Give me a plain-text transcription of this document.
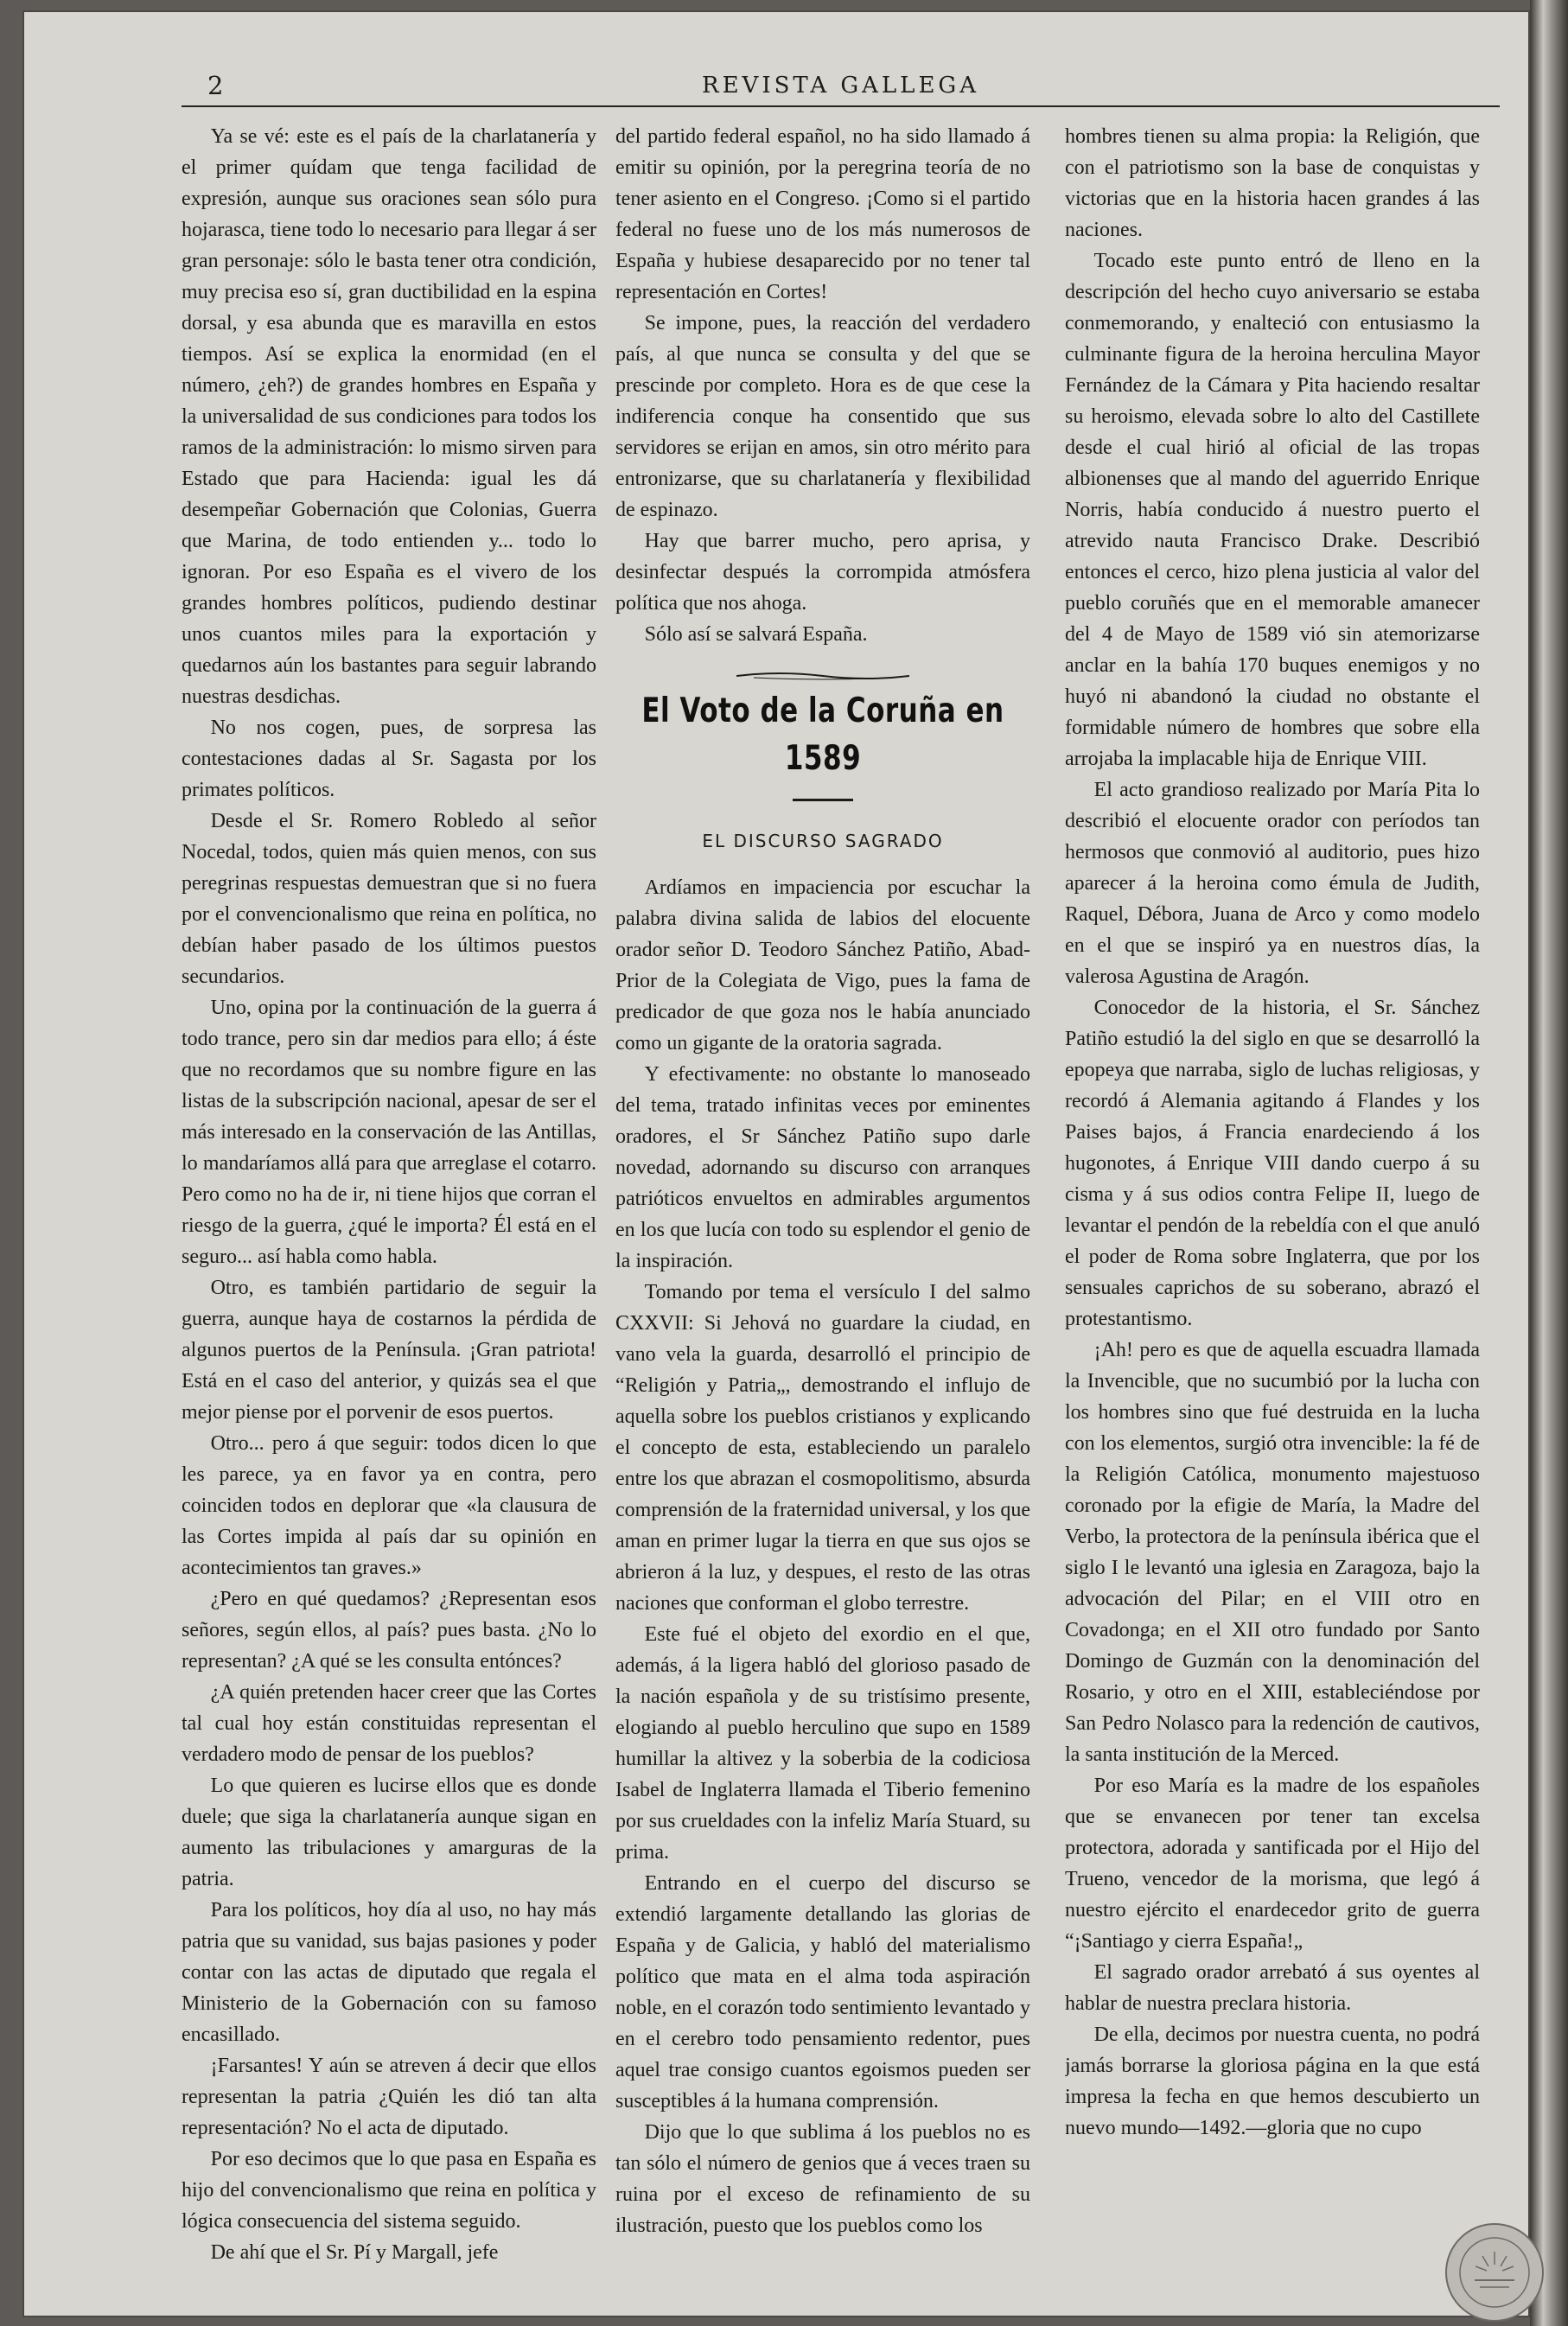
2	REVISTA GALLEGA

Ya se vé: este es el país de la charlatanería y el primer quídam que tenga facilidad de expresión, aunque sus oraciones sean sólo pura hojarasca, tiene todo lo necesario para llegar á ser gran personaje: sólo le basta tener otra condición, muy precisa eso sí, gran ductibilidad en la espina dorsal, y esa abunda que es maravilla en estos tiempos. Así se explica la enormidad (en el número, ¿eh?) de grandes hombres en España y la universalidad de sus condiciones para todos los ramos de la administración: lo mismo sirven para Estado que para Hacienda: igual les dá desempeñar Gobernación que Colonias, Guerra que Marina, de todo entienden y... todo lo ignoran. Por eso España es el vivero de los grandes hombres políticos, pudiendo destinar unos cuantos miles para la exportación y quedarnos aún los bastantes para seguir labrando nuestras desdichas.

No nos cogen, pues, de sorpresa las contestaciones dadas al Sr. Sagasta por los primates políticos.

Desde el Sr. Romero Robledo al señor Nocedal, todos, quien más quien menos, con sus peregrinas respuestas demuestran que si no fuera por el convencionalismo que reina en política, no debían haber pasado de los últimos puestos secundarios.

Uno, opina por la continuación de la guerra á todo trance, pero sin dar medios para ello; á éste que no recordamos que su nombre figure en las listas de la subscripción nacional, apesar de ser el más interesado en la conservación de las Antillas, lo mandaríamos allá para que arreglase el cotarro. Pero como no ha de ir, ni tiene hijos que corran el riesgo de la guerra, ¿qué le importa? Él está en el seguro... así habla como habla.

Otro, es también partidario de seguir la guerra, aunque haya de costarnos la pérdida de algunos puertos de la Península. ¡Gran patriota! Está en el caso del anterior, y quizás sea el que mejor piense por el porvenir de esos puertos.

Otro... pero á que seguir: todos dicen lo que les parece, ya en favor ya en contra, pero coinciden todos en deplorar que «la clausura de las Cortes impida al país dar su opinión en acontecimientos tan graves.»

¿Pero en qué quedamos? ¿Representan esos señores, según ellos, al país? pues basta. ¿No lo representan? ¿A qué se les consulta entónces?

¿A quién pretenden hacer creer que las Cortes tal cual hoy están constituidas representan el verdadero modo de pensar de los pueblos?

Lo que quieren es lucirse ellos que es donde duele; que siga la charlatanería aunque sigan en aumento las tribulaciones y amarguras de la patria.

Para los políticos, hoy día al uso, no hay más patria que su vanidad, sus bajas pasiones y poder contar con las actas de diputado que regala el Ministerio de la Gobernación con su famoso encasillado.

¡Farsantes! Y aún se atreven á decir que ellos representan la patria ¿Quién les dió tan alta representación? No el acta de diputado.

Por eso decimos que lo que pasa en España es hijo del convencionalismo que reina en política y lógica consecuencia del sistema seguido.

De ahí que el Sr. Pí y Margall, jefe

del partido federal español, no ha sido llamado á emitir su opinión, por la peregrina teoría de no tener asiento en el Congreso. ¡Como si el partido federal no fuese uno de los más numerosos de España y hubiese desaparecido por no tener tal representación en Cortes!

Se impone, pues, la reacción del verdadero país, al que nunca se consulta y del que se prescinde por completo. Hora es de que cese la indiferencia conque ha consentido que sus servidores se erijan en amos, sin otro mérito para entronizarse, que su charlatanería y flexibilidad de espinazo.

Hay que barrer mucho, pero aprisa, y desinfectar después la corrompida atmósfera política que nos ahoga.

Sólo así se salvará España.

El Voto de la Coruña en 1589
EL DISCURSO SAGRADO

Ardíamos en impaciencia por escuchar la palabra divina salida de labios del elocuente orador señor D. Teodoro Sánchez Patiño, Abad-Prior de la Colegiata de Vigo, pues la fama de predicador de que goza nos le había anunciado como un gigante de la oratoria sagrada.

Y efectivamente: no obstante lo manoseado del tema, tratado infinitas veces por eminentes oradores, el Sr Sánchez Patiño supo darle novedad, adornando su discurso con arranques patrióticos envueltos en admirables argumentos en los que lucía con todo su esplendor el genio de la inspiración.

Tomando por tema el versículo I del salmo CXXVII: Si Jehová no guardare la ciudad, en vano vela la guarda, desarrolló el principio de “Religión y Patria„, demostrando el influjo de aquella sobre los pueblos cristianos y explicando el concepto de esta, estableciendo un paralelo entre los que abrazan el cosmopolitismo, absurda comprensión de la fraternidad universal, y los que aman en primer lugar la tierra en que sus ojos se abrieron á la luz, y despues, el resto de las otras naciones que conforman el globo terrestre.

Este fué el objeto del exordio en el que, además, á la ligera habló del glorioso pasado de la nación española y de su tristísimo presente, elogiando al pueblo herculino que supo en 1589 humillar la altivez y la soberbia de la codiciosa Isabel de Inglaterra llamada el Tiberio femenino por sus crueldades con la infeliz María Stuard, su prima.

Entrando en el cuerpo del discurso se extendió largamente detallando las glorias de España y de Galicia, y habló del materialismo político que mata en el alma toda aspiración noble, en el corazón todo sentimiento levantado y en el cerebro todo pensamiento redentor, pues aquel trae consigo cuantos egoismos pueden ser susceptibles á la humana comprensión.

Dijo que lo que sublima á los pueblos no es tan sólo el número de genios que á veces traen su ruina por el exceso de refinamiento de su ilustración, puesto que los pueblos como los

hombres tienen su alma propia: la Religión, que con el patriotismo son la base de conquistas y victorias que en la historia hacen grandes á las naciones.

Tocado este punto entró de lleno en la descripción del hecho cuyo aniversario se estaba conmemorando, y enalteció con entusiasmo la culminante figura de la heroina herculina Mayor Fernández de la Cámara y Pita haciendo resaltar su heroismo, elevada sobre lo alto del Castillete desde el cual hirió al oficial de las tropas albionenses que al mando del aguerrido Enrique Norris, había conducido á nuestro puerto el atrevido nauta Francisco Drake. Describió entonces el cerco, hizo plena justicia al valor del pueblo coruñés que en el memorable amanecer del 4 de Mayo de 1589 vió sin atemorizarse anclar en la bahía 170 buques enemigos y no huyó ni abandonó la ciudad no obstante el formidable número de hombres que sobre ella arrojaba la implacable hija de Enrique VIII.

El acto grandioso realizado por María Pita lo describió el elocuente orador con períodos tan hermosos que conmovió al auditorio, pues hizo aparecer á la heroina como émula de Judith, Raquel, Débora, Juana de Arco y como modelo en el que se inspiró ya en nuestros días, la valerosa Agustina de Aragón.

Conocedor de la historia, el Sr. Sánchez Patiño estudió la del siglo en que se desarrolló la epopeya que narraba, siglo de luchas religiosas, y recordó á Alemania agitando á Flandes y los Paises bajos, á Francia enardeciendo á los hugonotes, á Enrique VIII dando cuerpo á su cisma y á sus odios contra Felipe II, luego de levantar el pendón de la rebeldía con el que anuló el poder de Roma sobre Inglaterra, que por los sensuales caprichos de su soberano, abrazó el protestantismo.

¡Ah! pero es que de aquella escuadra llamada la Invencible, que no sucumbió por la lucha con los hombres sino que fué destruida en la lucha con los elementos, surgió otra invencible: la fé de la Religión Católica, monumento majestuoso coronado por la efigie de María, la Madre del Verbo, la protectora de la península ibérica que el siglo I le levantó una iglesia en Zaragoza, bajo la advocación del Pilar; en el VIII otro en Covadonga; en el XII otro fundado por Santo Domingo de Guzmán con la denominación del Rosario, y otro en el XIII, estableciéndose por San Pedro Nolasco para la redención de cautivos, la santa institución de la Merced.

Por eso María es la madre de los españoles que se envanecen por tener tan excelsa protectora, adorada y santificada por el Hijo del Trueno, vencedor de la morisma, que legó á nuestro ejército el enardecedor grito de guerra “¡Santiago y cierra España!„

El sagrado orador arrebató á sus oyentes al hablar de nuestra preclara historia.

De ella, decimos por nuestra cuenta, no podrá jamás borrarse la gloriosa página en la que está impresa la fecha en que hemos descubierto un nuevo mundo—1492.—gloria que no cupo
